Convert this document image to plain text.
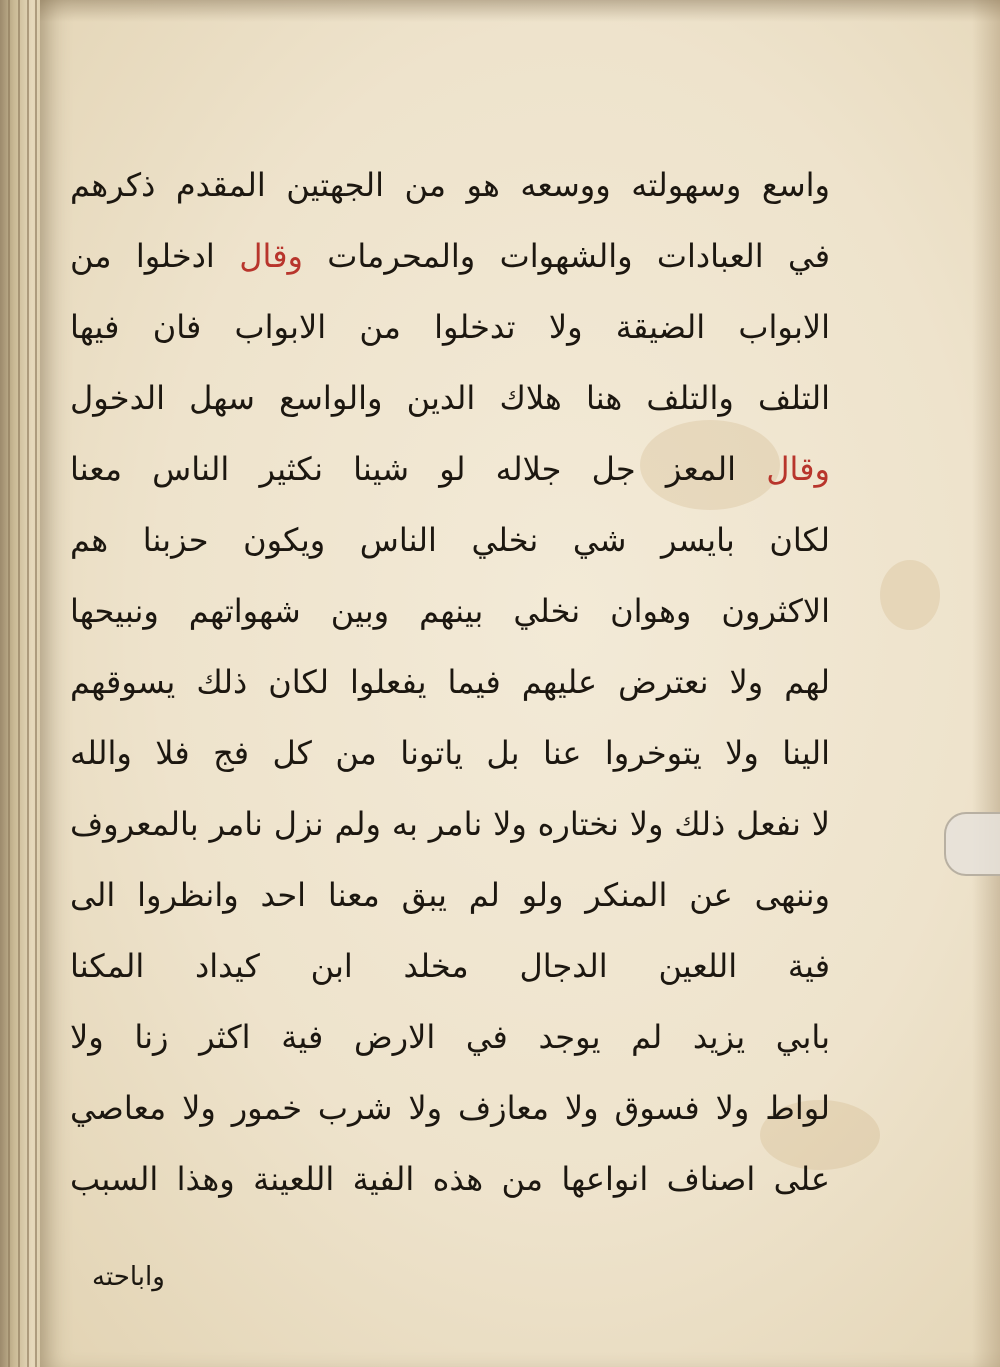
واسع وسهولته ووسعه هو من الجهتين المقدم ذكرهم
في العبادات والشهوات والمحرمات وقال ادخلوا من
الابواب الضيقة ولا تدخلوا من الابواب فان فيها
التلف والتلف هنا هلاك الدين والواسع سهل الدخول
وقال المعز جل جلاله لو شينا نكثير الناس معنا
لكان بايسر شي نخلي الناس ويكون حزبنا هم
الاكثرون وهوان نخلي بينهم وبين شهواتهم ونبيحها
لهم ولا نعترض عليهم فيما يفعلوا لكان ذلك يسوقهم
الينا ولا يتوخروا عنا بل ياتونا من كل فج فلا والله
لا نفعل ذلك ولا نختاره ولا نامر به ولم نزل نامر بالمعروف
وننهى عن المنكر ولو لم يبق معنا احد وانظروا الى
فية اللعين الدجال مخلد ابن كيداد المكنا
بابي يزيد لم يوجد في الارض فية اكثر زنا ولا
لواط ولا فسوق ولا معازف ولا شرب خمور ولا معاصي
على اصناف انواعها من هذه الفية اللعينة وهذا السبب
واباحته
